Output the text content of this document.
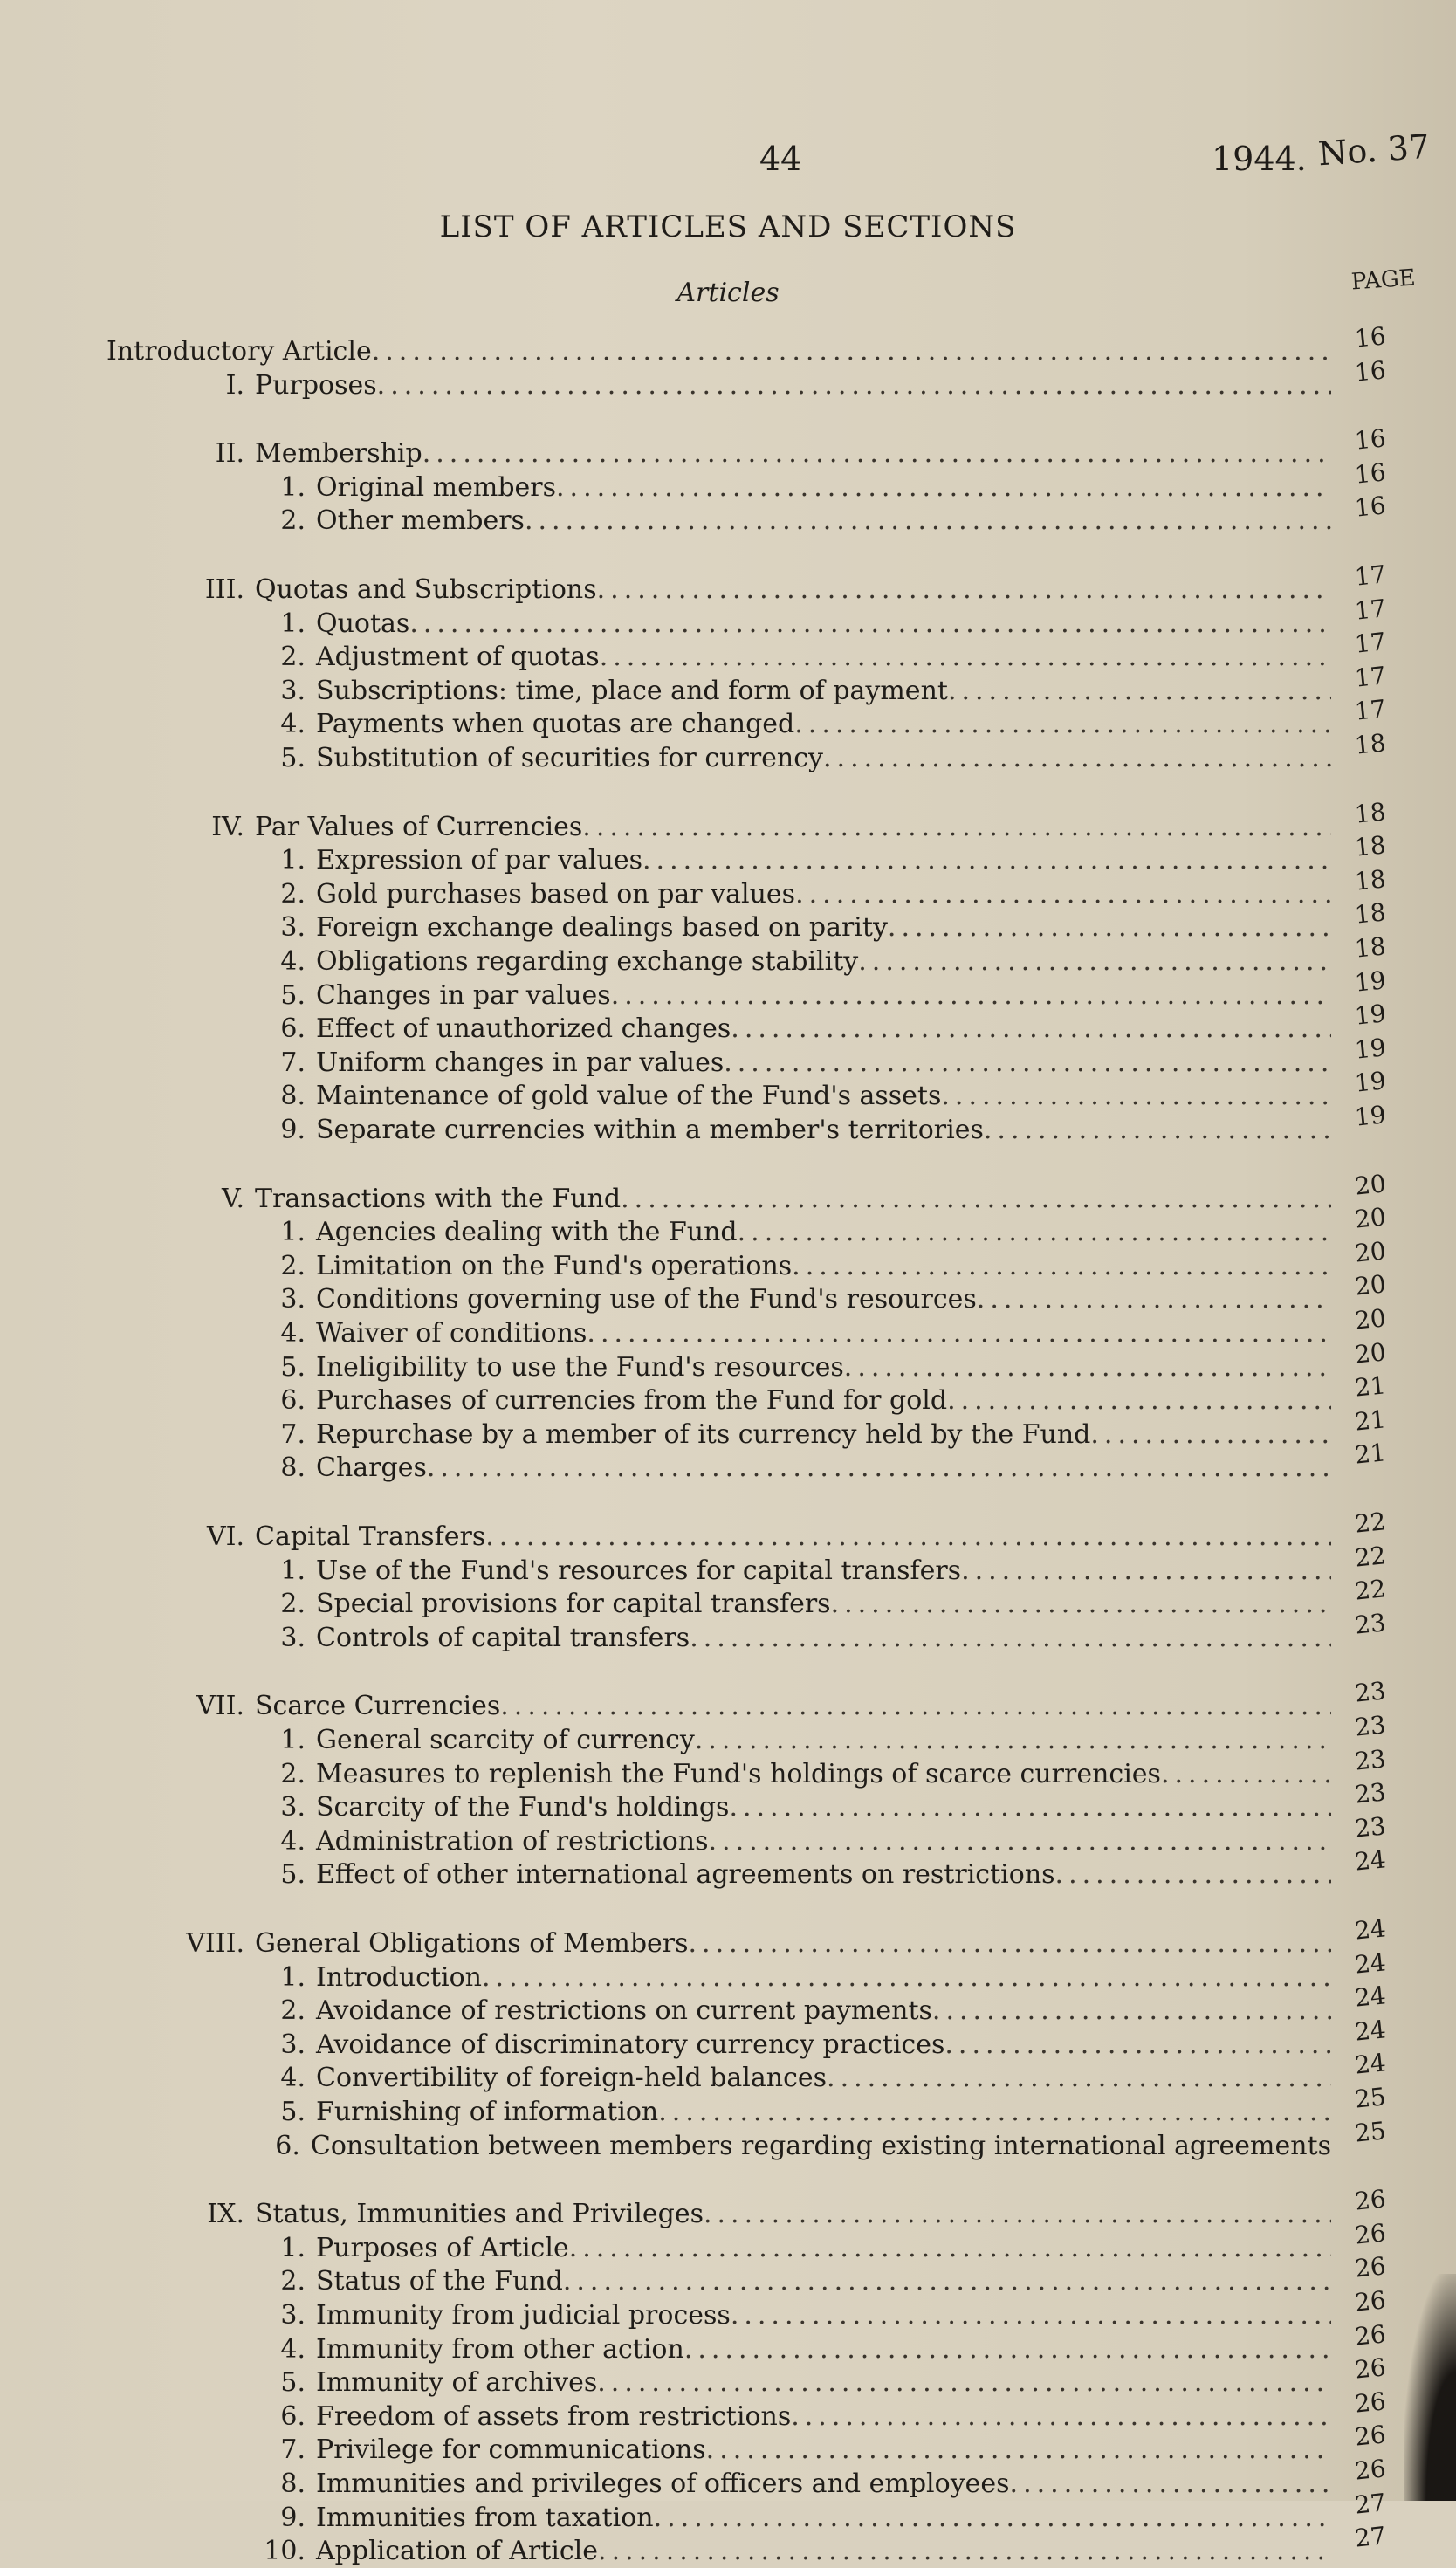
44	1944. No. 37
LIST OF ARTICLES AND SECTIONS
Articles	PAGE
Introductory Article .....	16
I. Purposes .....	16
II. Membership .....	16
1. Original members .....	16
2. Other members .....	16
III. Quotas and Subscriptions .....	17
1. Quotas .....	17
2. Adjustment of quotas .....	17
3. Subscriptions: time, place and form of payment .....	17
4. Payments when quotas are changed .....	17
5. Substitution of securities for currency .....	18
IV. Par Values of Currencies .....	18
1. Expression of par values .....	18
2. Gold purchases based on par values .....	18
3. Foreign exchange dealings based on parity .....	18
4. Obligations regarding exchange stability .....	18
5. Changes in par values .....	19
6. Effect of unauthorized changes .....	19
7. Uniform changes in par values .....	19
8. Maintenance of gold value of the Fund's assets .....	19
9. Separate currencies within a member's territories .....	19
V. Transactions with the Fund .....	20
1. Agencies dealing with the Fund .....	20
2. Limitation on the Fund's operations .....	20
3. Conditions governing use of the Fund's resources .....	20
4. Waiver of conditions .....	20
5. Ineligibility to use the Fund's resources .....	20
6. Purchases of currencies from the Fund for gold .....	21
7. Repurchase by a member of its currency held by the Fund .....	21
8. Charges .....	21
VI. Capital Transfers .....	22
1. Use of the Fund's resources for capital transfers .....	22
2. Special provisions for capital transfers .....	22
3. Controls of capital transfers .....	23
VII. Scarce Currencies .....	23
1. General scarcity of currency .....	23
2. Measures to replenish the Fund's holdings of scarce currencies .....	23
3. Scarcity of the Fund's holdings .....	23
4. Administration of restrictions .....	23
5. Effect of other international agreements on restrictions .....	24
VIII. General Obligations of Members .....	24
1. Introduction .....	24
2. Avoidance of restrictions on current payments .....	24
3. Avoidance of discriminatory currency practices .....	24
4. Convertibility of foreign-held balances .....	24
5. Furnishing of information .....	25
6. Consultation between members regarding existing international agreements 25
IX. Status, Immunities and Privileges .....	26
1. Purposes of Article .....	26
2. Status of the Fund .....	26
3. Immunity from judicial process .....	26
4. Immunity from other action .....	26
5. Immunity of archives .....	26
6. Freedom of assets from restrictions .....	26
7. Privilege for communications .....	26
8. Immunities and privileges of officers and employees .....	26
9. Immunities from taxation .....	27
10. Application of Article .....	27
